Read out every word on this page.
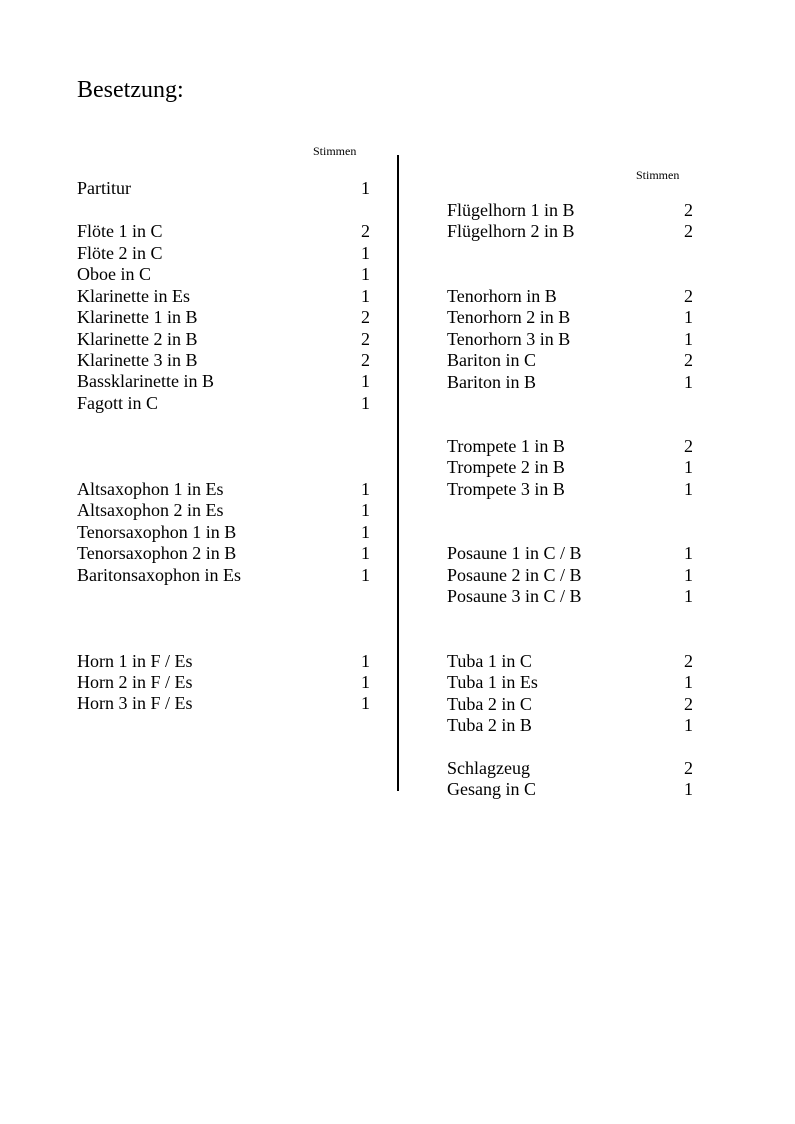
Besetzung:
Stimmen
Stimmen
Partitur	1
Flöte 1 in C	2
Flöte 2 in C	1
Oboe in C	1
Klarinette in Es	1
Klarinette 1 in B	2
Klarinette 2 in B	2
Klarinette 3 in B	2
Bassklarinette in B	1
Fagott in C	1
Altsaxophon 1 in Es	1
Altsaxophon 2 in Es	1
Tenorsaxophon 1 in B	1
Tenorsaxophon 2 in B	1
Baritonsaxophon in Es	1
Horn 1 in F / Es	1
Horn 2 in F / Es	1
Horn 3 in F / Es	1
Flügelhorn 1 in B	2
Flügelhorn 2 in B	2
Tenorhorn in B	2
Tenorhorn 2 in B	1
Tenorhorn 3 in B	1
Bariton in C	2
Bariton in B	1
Trompete 1 in B	2
Trompete 2 in B	1
Trompete 3 in B	1
Posaune 1 in C / B	1
Posaune 2 in C / B	1
Posaune 3 in C / B	1
Tuba 1 in C	2
Tuba 1 in Es	1
Tuba 2 in C	2
Tuba 2 in B	1
Schlagzeug	2
Gesang in C	1
